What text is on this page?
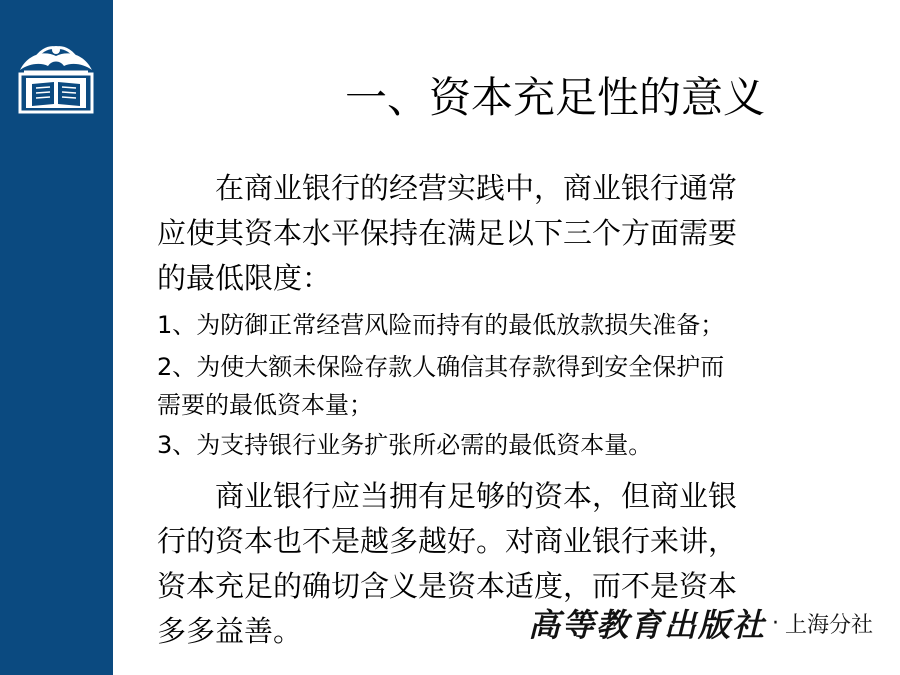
一、资本充足性的意义

在商业银行的经营实践中，商业银行通常
应使其资本水平保持在满足以下三个方面需要
的最低限度：

1、为防御正常经营风险而持有的最低放款损失准备；

2、为使大额未保险存款人确信其存款得到安全保护而
需要的最低资本量；

3、为支持银行业务扩张所必需的最低资本量。

商业银行应当拥有足够的资本，但商业银
行的资本也不是越多越好。对商业银行来讲，
资本充足的确切含义是资本适度，而不是资本
多多益善。	高等教育出版社 · 上海分社
